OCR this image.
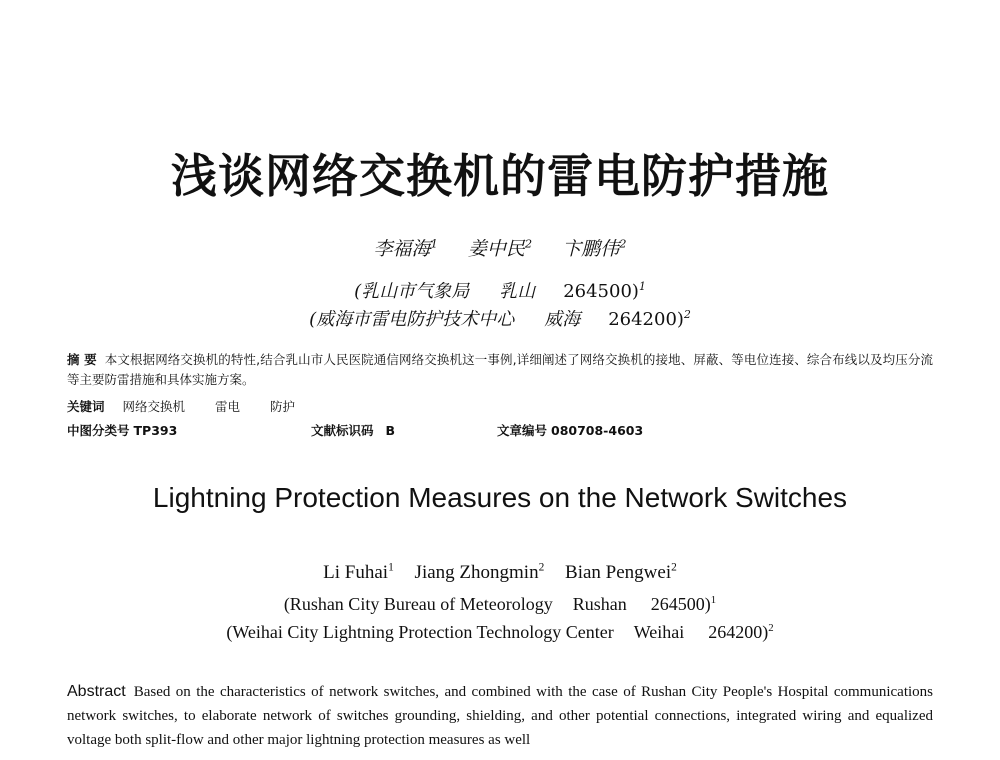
浅谈网络交换机的雷电防护措施
李福海$^1$ 姜中民$^2$ 卞鹏伟$^2$
(乳山市气象局 乳山 264500)$^1$
(威海市雷电防护技术中心 威海 264200)$^2$
摘 要 本文根据网络交换机的特性,结合乳山市人民医院通信网络交换机这一事例,详细阐述了网络交换机的接地、屏蔽、等电位连接、综合布线以及均压分流等主要防雷措施和具体实施方案。
关键词 网络交换机 雷电 防护
中图分类号 TP393	文献标识码 B	文章编号 080708-4603
Lightning Protection Measures on the Network Switches
Li Fuhai$^1$ Jiang Zhongmin$^2$ Bian Pengwei$^2$
(Rushan City Bureau of Meteorology Rushan 264500)$^1$
(Weihai City Lightning Protection Technology Center Weihai 264200)$^2$
Abstract Based on the characteristics of network switches, and combined with the case of Rushan City People's Hospital communications network switches, to elaborate network of switches grounding, shielding, and other potential connections, integrated wiring and equalized voltage both split-flow and other major lightning protection measures as well
